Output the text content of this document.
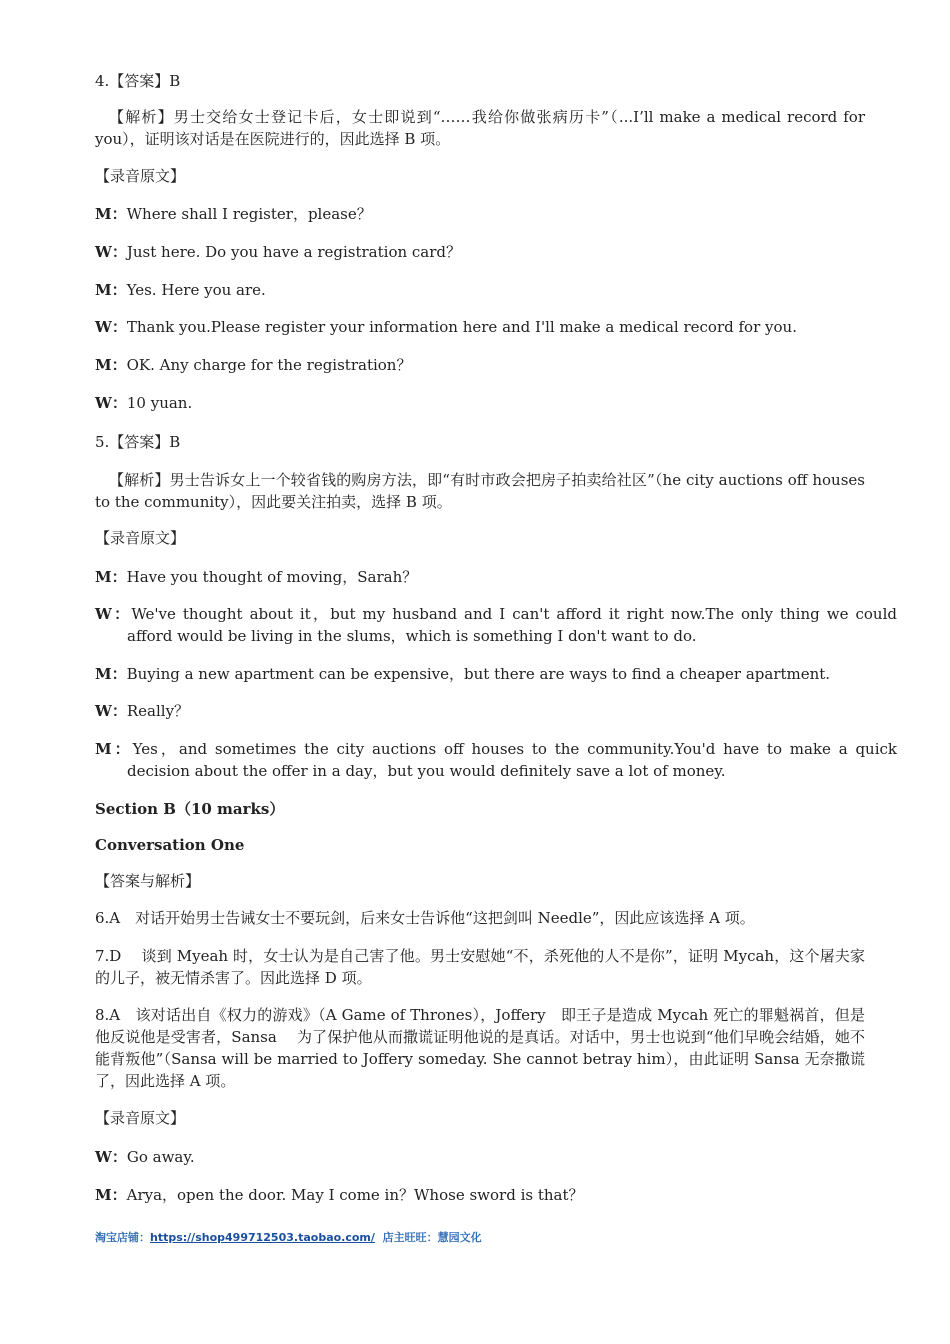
4.【答案】B
【解析】男士交给女士登记卡后，女士即说到“……我给你做张病历卡”（...I’ll make a medical record for you），证明该对话是在医院进行的，因此选择 B 项。
【录音原文】
M：Where shall I register，please？
W：Just here. Do you have a registration card？
M：Yes. Here you are.
W：Thank you.Please register your information here and I'll make a medical record for you.
M：OK. Any charge for the registration？
W：10 yuan.
5.【答案】B
【解析】男士告诉女上一个较省钱的购房方法，即“有时市政会把房子拍卖给社区”（he city auctions off houses to the community），因此要关注拍卖，选择 B 项。
【录音原文】
M：Have you thought of moving，Sarah？
W：We've thought about it，but my husband and I can't afford it right now.The only thing we could afford would be living in the slums，which is something I don't want to do.
M：Buying a new apartment can be expensive，but there are ways to find a cheaper apartment.
W：Really？
M：Yes，and sometimes the city auctions off houses to the community.You'd have to make a quick decision about the offer in a day，but you would definitely save a lot of money.
Section B（10 marks）
Conversation One
【答案与解析】
6.A　对话开始男士告诫女士不要玩剑，后来女士告诉他“这把剑叫 Needle”，因此应该选择 A 项。
7.D　 谈到 Myeah 时，女士认为是自己害了他。男士安慰她“不，杀死他的人不是你”，证明 Mycah，这个屠夫家的儿子，被无情杀害了。因此选择 D 项。
8.A　该对话出自《权力的游戏》（A Game of Thrones），Joffery　即王子是造成 Mycah 死亡的罪魁祸首，但是他反说他是受害者，Sansa　 为了保护他从而撒谎证明他说的是真话。对话中，男士也说到“他们早晚会结婚，她不能背叛他”（Sansa will be married to Joffery someday. She cannot betray him），由此证明 Sansa 无奈撒谎了，因此选择 A 项。
【录音原文】
W：Go away.
M：Arya，open the door. May I come in？Whose sword is that？
淘宝店铺：https://shop499712503.taobao.com/ 店主旺旺：慧园文化
